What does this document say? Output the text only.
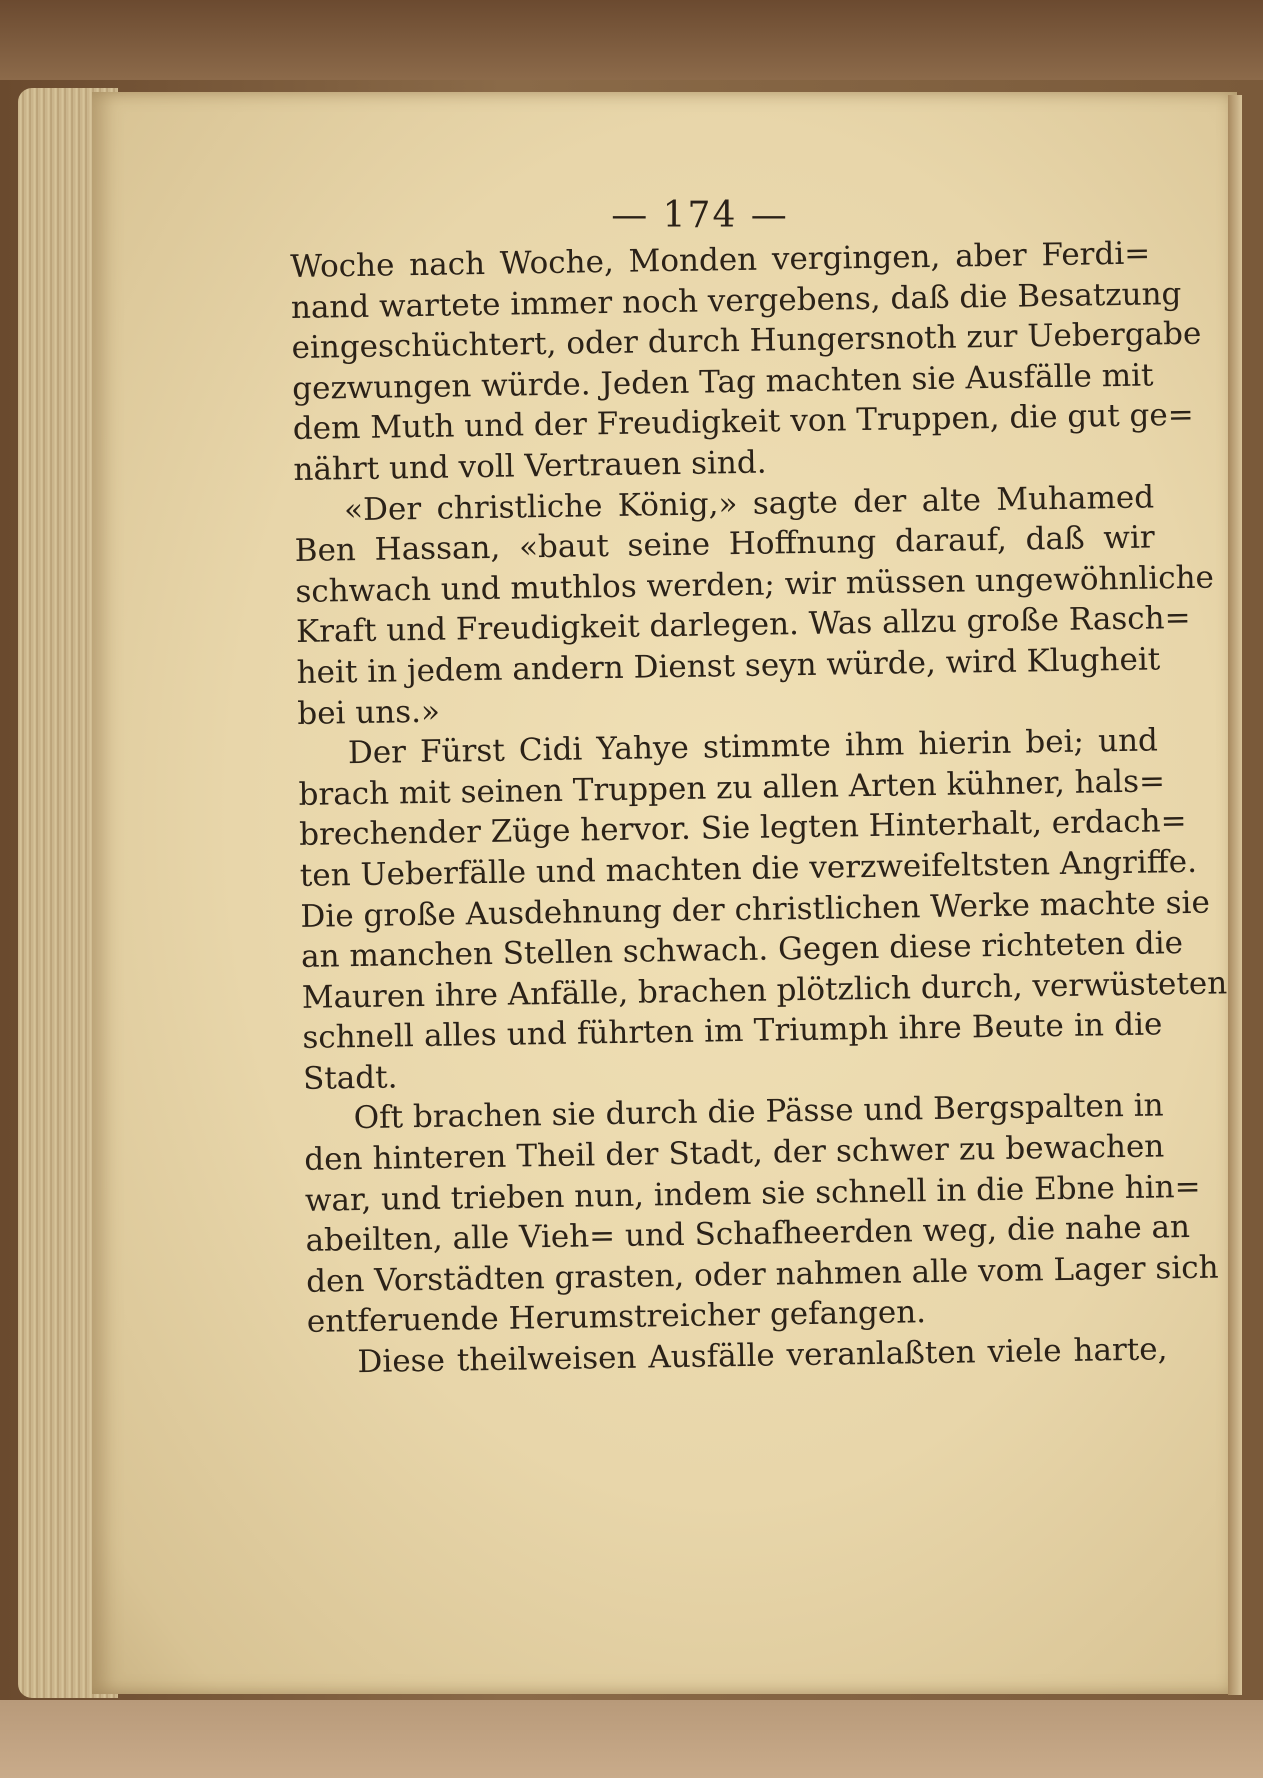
— 174 —
Woche nach Woche, Monden vergingen, aber Ferdi=
nand wartete immer noch vergebens, daß die Besatzung
eingeschüchtert, oder durch Hungersnoth zur Uebergabe
gezwungen würde. Jeden Tag machten sie Ausfälle mit
dem Muth und der Freudigkeit von Truppen, die gut ge=
nährt und voll Vertrauen sind.
«Der christliche König,» sagte der alte Muhamed
Ben Hassan, «baut seine Hoffnung darauf, daß wir
schwach und muthlos werden; wir müssen ungewöhnliche
Kraft und Freudigkeit darlegen. Was allzu große Rasch=
heit in jedem andern Dienst seyn würde, wird Klugheit
bei uns.»
Der Fürst Cidi Yahye stimmte ihm hierin bei; und
brach mit seinen Truppen zu allen Arten kühner, hals=
brechender Züge hervor. Sie legten Hinterhalt, erdach=
ten Ueberfälle und machten die verzweifeltsten Angriffe.
Die große Ausdehnung der christlichen Werke machte sie
an manchen Stellen schwach. Gegen diese richteten die
Mauren ihre Anfälle, brachen plötzlich durch, verwüsteten
schnell alles und führten im Triumph ihre Beute in die
Stadt.
Oft brachen sie durch die Pässe und Bergspalten in
den hinteren Theil der Stadt, der schwer zu bewachen
war, und trieben nun, indem sie schnell in die Ebne hin=
abeilten, alle Vieh= und Schafheerden weg, die nahe an
den Vorstädten grasten, oder nahmen alle vom Lager sich
entferuende Herumstreicher gefangen.
Diese theilweisen Ausfälle veranlaßten viele harte,
